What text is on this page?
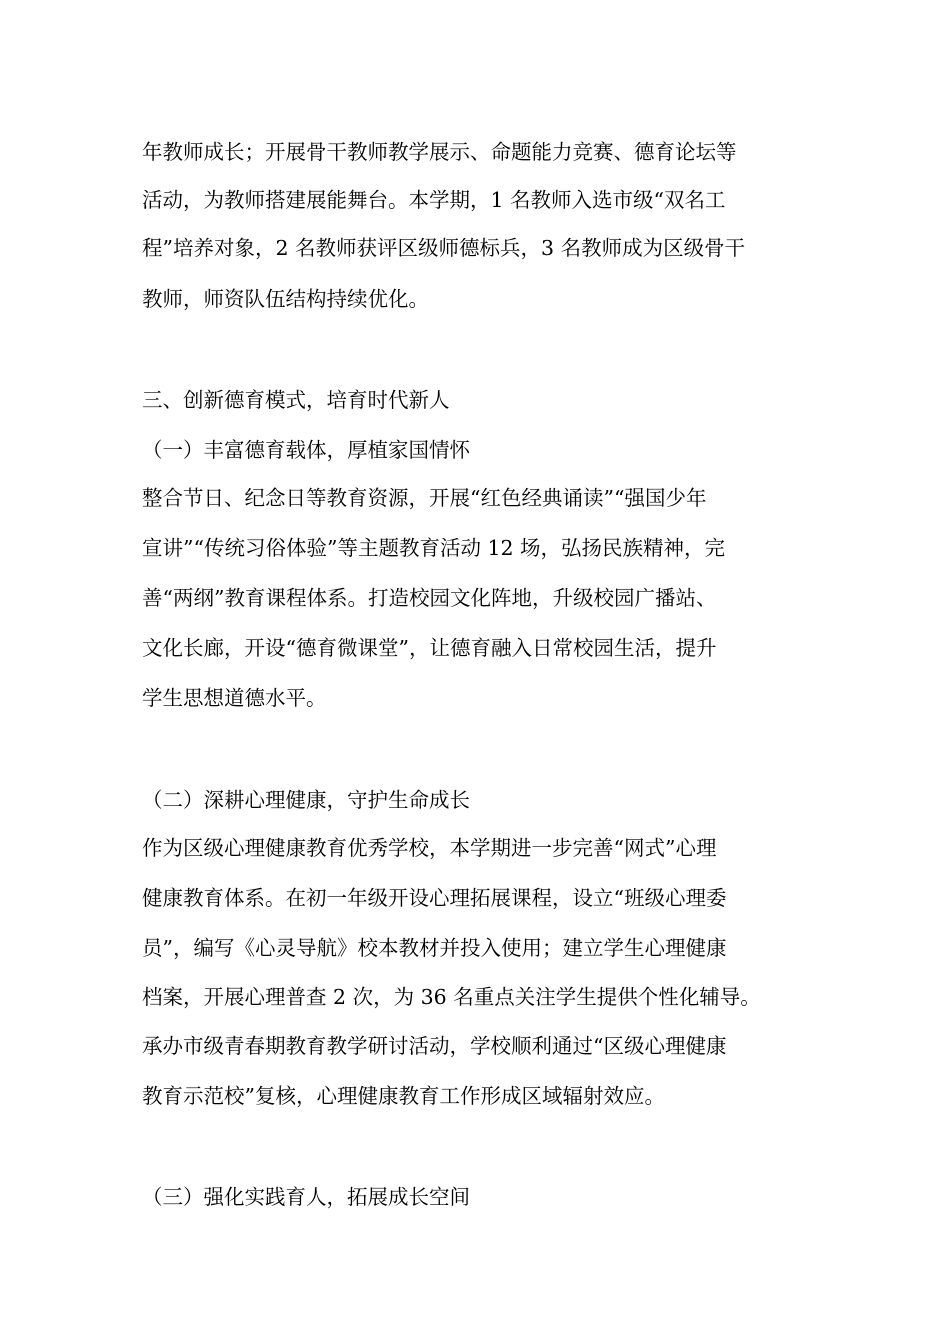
年教师成长；开展骨干教师教学展示、命题能力竞赛、德育论坛等
活动，为教师搭建展能舞台。本学期，1 名教师入选市级“双名工
程”培养对象，2 名教师获评区级师德标兵，3 名教师成为区级骨干
教师，师资队伍结构持续优化。
三、创新德育模式，培育时代新人
（一）丰富德育载体，厚植家国情怀
整合节日、纪念日等教育资源，开展“红色经典诵读”“强国少年
宣讲”“传统习俗体验”等主题教育活动 12 场，弘扬民族精神，完
善“两纲”教育课程体系。打造校园文化阵地，升级校园广播站、
文化长廊，开设“德育微课堂”，让德育融入日常校园生活，提升
学生思想道德水平。
（二）深耕心理健康，守护生命成长
作为区级心理健康教育优秀学校，本学期进一步完善“网式”心理
健康教育体系。在初一年级开设心理拓展课程，设立“班级心理委
员”，编写《心灵导航》校本教材并投入使用；建立学生心理健康
档案，开展心理普查 2 次，为 36 名重点关注学生提供个性化辅导。
承办市级青春期教育教学研讨活动，学校顺利通过“区级心理健康
教育示范校”复核，心理健康教育工作形成区域辐射效应。
（三）强化实践育人，拓展成长空间
